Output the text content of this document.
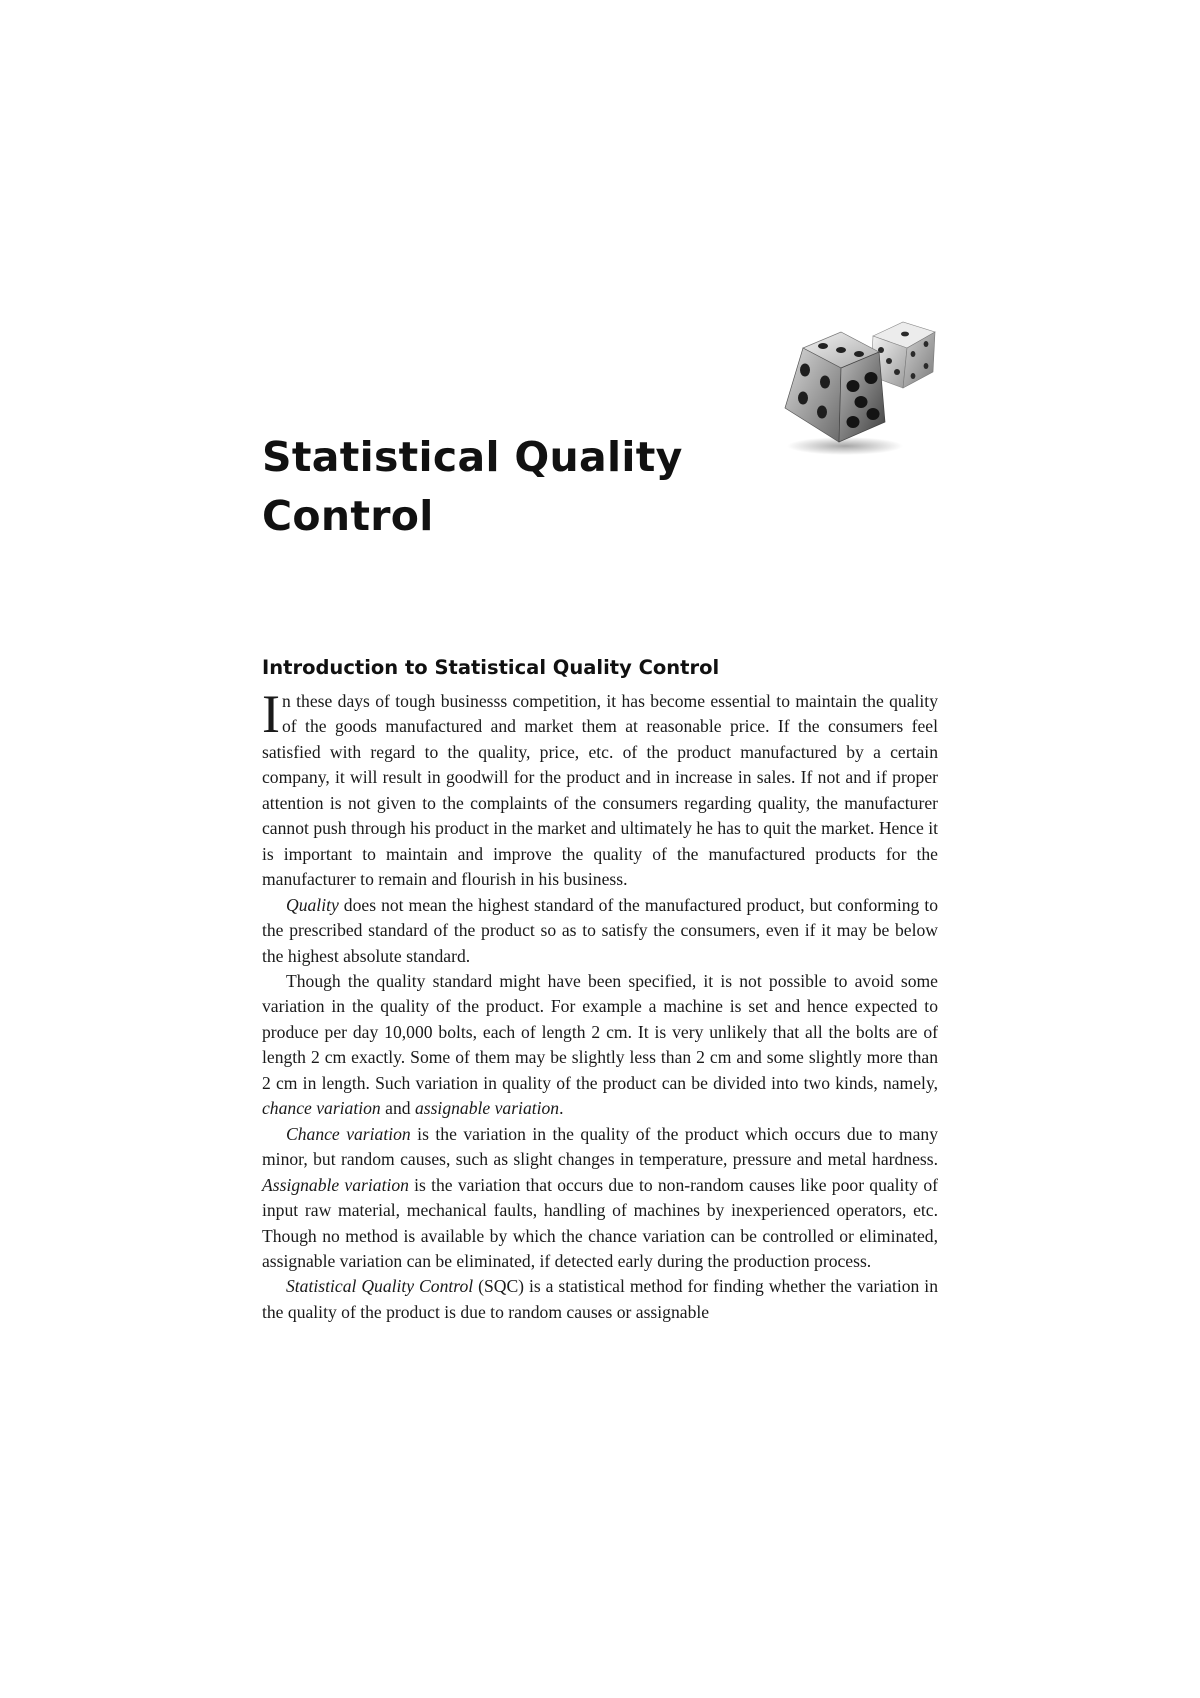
Statistical Quality
Control
Introduction to Statistical Quality Control

In these days of tough businesss competition, it has become essential to maintain the quality of the goods manufactured and market them at reasonable price. If the consumers feel satisfied with regard to the quality, price, etc. of the product manufactured by a certain company, it will result in goodwill for the product and in increase in sales. If not and if proper attention is not given to the complaints of the consumers regarding quality, the manufacturer cannot push through his product in the market and ultimately he has to quit the market. Hence it is important to maintain and improve the quality of the manufactured products for the manufacturer to remain and flourish in his business.

Quality does not mean the highest standard of the manufactured product, but conforming to the prescribed standard of the product so as to satisfy the consumers, even if it may be below the highest absolute standard.

Though the quality standard might have been specified, it is not possible to avoid some variation in the quality of the product. For example a machine is set and hence expected to produce per day 10,000 bolts, each of length 2 cm. It is very unlikely that all the bolts are of length 2 cm exactly. Some of them may be slightly less than 2 cm and some slightly more than 2 cm in length. Such variation in quality of the product can be divided into two kinds, namely, chance variation and assignable variation.

Chance variation is the variation in the quality of the product which occurs due to many minor, but random causes, such as slight changes in temperature, pressure and metal hardness. Assignable variation is the variation that occurs due to non-random causes like poor quality of input raw material, mechanical faults, handling of machines by inexperienced operators, etc. Though no method is available by which the chance variation can be controlled or eliminated, assignable variation can be eliminated, if detected early during the production process.

Statistical Quality Control (SQC) is a statistical method for finding whether the variation in the quality of the product is due to random causes or assignable
